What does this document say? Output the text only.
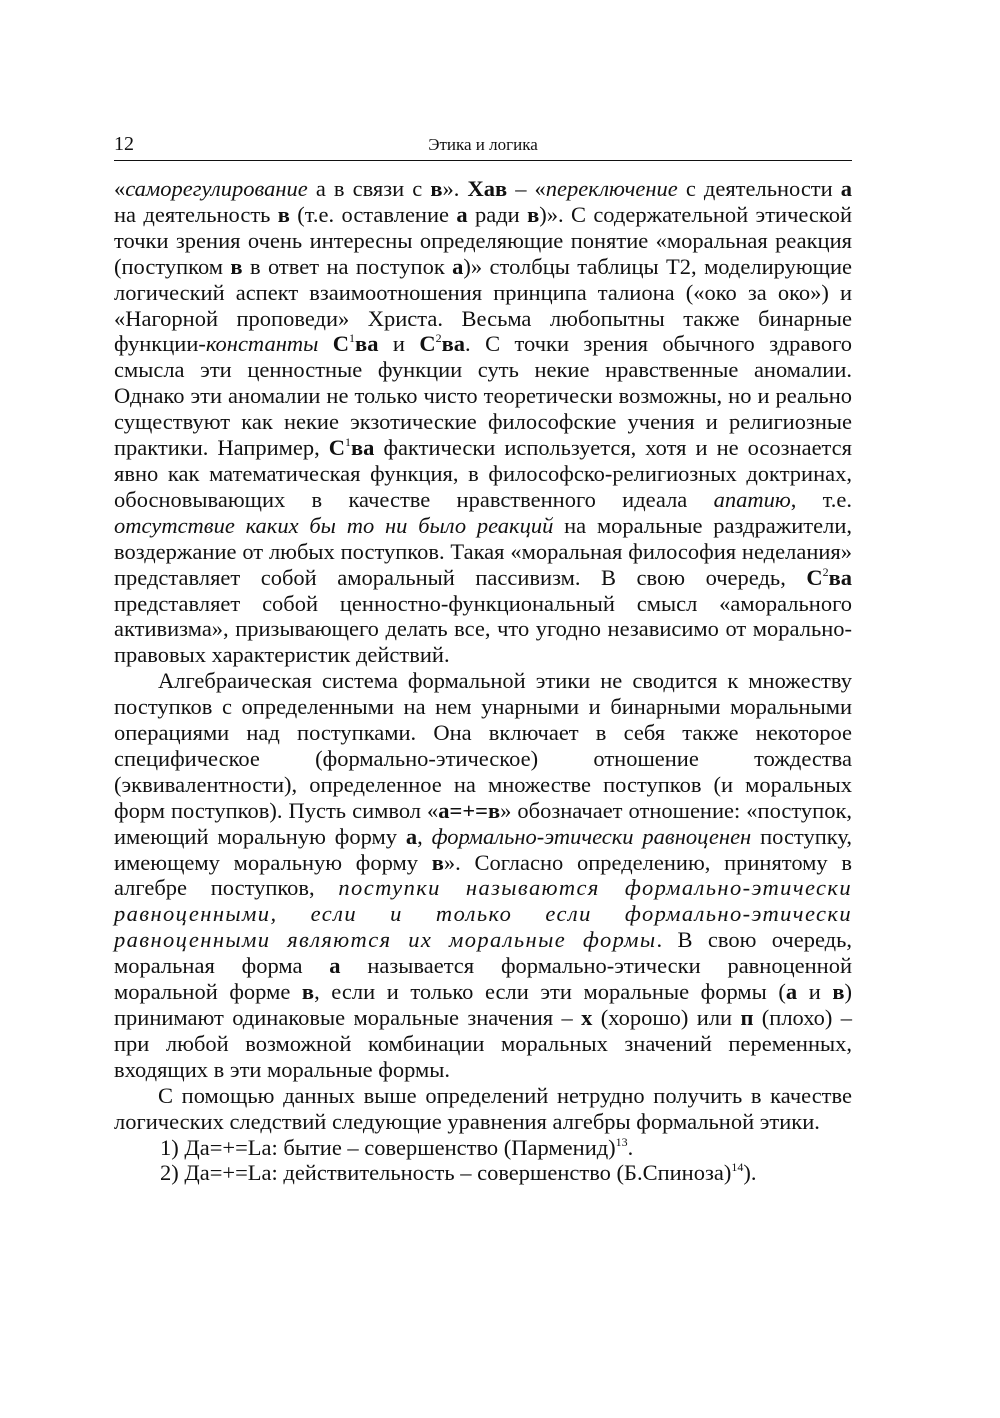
12	Этика и логика

«саморегулирование а в связи с в». Хав – «переключение с деятельности а на деятельность в (т.е. оставление а ради в)». С содержательной этической точки зрения очень интересны определяющие понятие «моральная реакция (поступком в в ответ на поступок а)» столбцы таблицы Т2, моделирующие логический аспект взаимоотношения принципа талиона («око за око») и «Нагорной проповеди» Христа. Весьма любопытны также бинарные функции-константы $С^1ва$ и $С^2ва$. С точки зрения обычного здравого смысла эти ценностные функции суть некие нравственные аномалии. Однако эти аномалии не только чисто теоретически возможны, но и реально существуют как некие экзотические философские учения и религиозные практики. Например, $С^1ва$ фактически используется, хотя и не осознается явно как математическая функция, в философско-религиозных доктринах, обосновывающих в качестве нравственного идеала апатию, т.е. отсутствие каких бы то ни было реакций на моральные раздражители, воздержание от любых поступков. Такая «моральная философия неделания» представляет собой аморальный пассивизм. В свою очередь, $С^2ва$ представляет собой ценностно-функциональный смысл «аморального активизма», призывающего делать все, что угодно независимо от морально-правовых характеристик действий.

Алгебраическая система формальной этики не сводится к множеству поступков с определенными на нем унарными и бинарными моральными операциями над поступками. Она включает в себя также некоторое специфическое (формально-этическое) отношение тождества (эквивалентности), определенное на множестве поступков (и моральных форм поступков). Пусть символ «а=+=в» обозначает отношение: «поступок, имеющий моральную форму а, формально-этически равноценен поступку, имеющему моральную форму в». Согласно определению, принятому в алгебре поступков, поступки называются формально-этически равноценными, если и только если формально-этически равноценными являются их моральные формы. В свою очередь, моральная форма а называется формально-этически равноценной моральной форме в, если и только если эти моральные формы (а и в) принимают одинаковые моральные значения – х (хорошо) или п (плохо) – при любой возможной комбинации моральных значений переменных, входящих в эти моральные формы.

С помощью данных выше определений нетрудно получить в качестве логических следствий следующие уравнения алгебры формальной этики.

1) Дa=+=Lа: бытие – совершенство (Парменид)$^{13}$.

2) Дa=+=Lа: действительность – совершенство (Б.Спиноза)$^{14}$).
